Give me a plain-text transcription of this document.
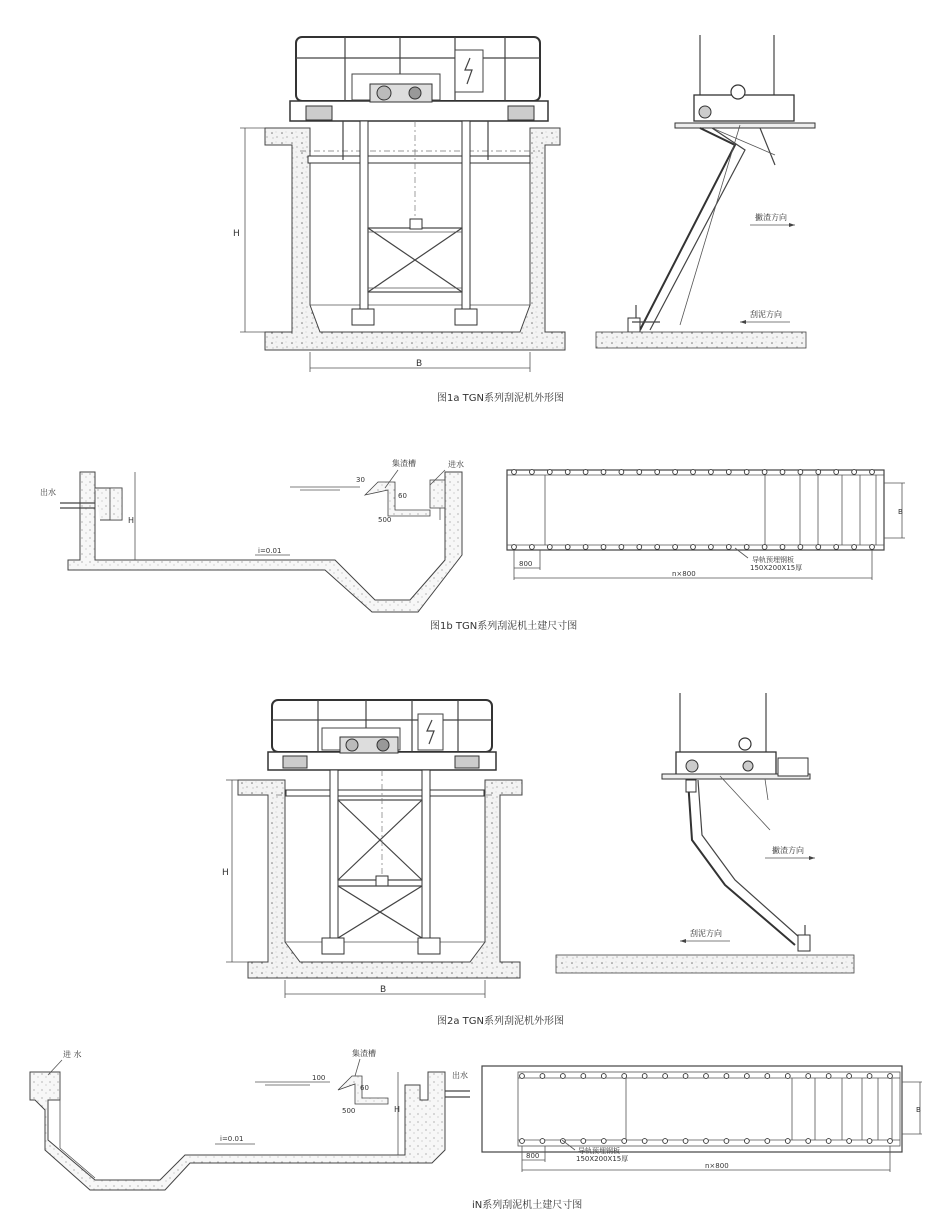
H
B
撇渣方向
刮泥方向
出水
进水
集渣槽
H
30
60
500
i=0.01
B
800
n×800
导轨预埋钢板
150X200X15厚
H
B
撇渣方向
刮泥方向
进 水
出水
集渣槽
100
60
500	H
i=0.01
B
800
n×800
导轨预埋钢板
150X200X15厚
图1a TGN系列刮泥机外形图
图1b TGN系列刮泥机土建尺寸图
图2a TGN系列刮泥机外形图
iN系列刮泥机土建尺寸图
